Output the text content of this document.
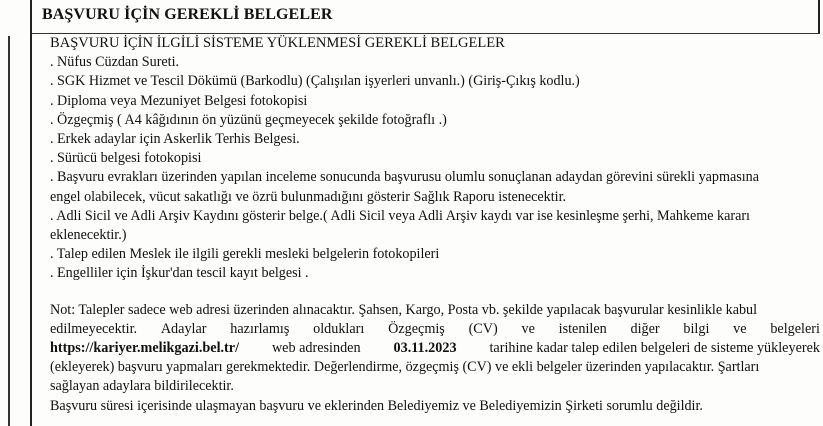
BAŞVURU İÇİN GEREKLİ BELGELER
BAŞVURU İÇİN İLGİLİ SİSTEME YÜKLENMESİ GEREKLİ BELGELER
. Nüfus Cüzdan Sureti.
. SGK Hizmet ve Tescil Dökümü (Barkodlu) (Çalışılan işyerleri unvanlı.) (Giriş-Çıkış kodlu.)
. Diploma veya Mezuniyet Belgesi fotokopisi
. Özgeçmiş ( A4 kâğıdının ön yüzünü geçmeyecek şekilde fotoğraflı .)
. Erkek adaylar için Askerlik Terhis Belgesi.
. Sürücü belgesi fotokopisi
. Başvuru evrakları üzerinden yapılan inceleme sonucunda başvurusu olumlu sonuçlanan adaydan görevini sürekli yapmasına
engel olabilecek, vücut sakatlığı ve özrü bulunmadığını gösterir Sağlık Raporu istenecektir.
. Adli Sicil ve Adli Arşiv Kaydını gösterir belge.( Adli Sicil veya Adli Arşiv kaydı var ise kesinleşme şerhi, Mahkeme kararı
eklenecektir.)
. Talep edilen Meslek ile ilgili gerekli mesleki belgelerin fotokopileri
. Engelliler için İşkur'dan tescil kayıt belgesi .
Not: Talepler sadece web adresi üzerinden alınacaktır. Şahsen, Kargo, Posta vb. şekilde yapılacak başvurular kesinlikle kabul
edilmeyecektir. Adaylar hazırlamış oldukları Özgeçmiş (CV) ve istenilen diğer bilgi ve belgeleri
https://kariyer.melikgazi.bel.tr/ web adresinden 03.11.2023 tarihine kadar talep edilen belgeleri de sisteme yükleyerek
(ekleyerek) başvuru yapmaları gerekmektedir. Değerlendirme, özgeçmiş (CV) ve ekli belgeler üzerinden yapılacaktır. Şartları
sağlayan adaylara bildirilecektir.
Başvuru süresi içerisinde ulaşmayan başvuru ve eklerinden Belediyemiz ve Belediyemizin Şirketi sorumlu değildir.
